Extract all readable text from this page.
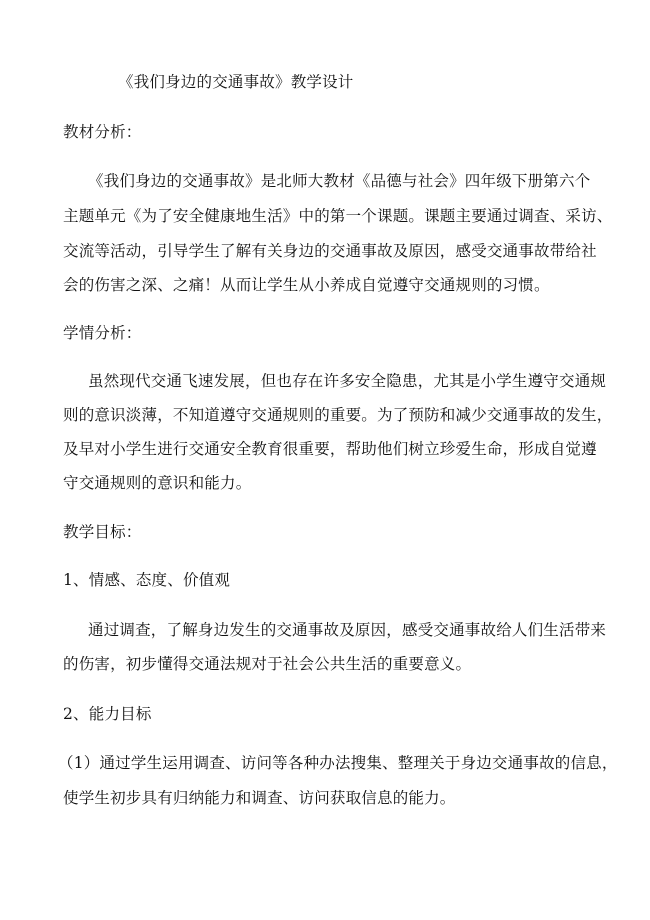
《我们身边的交通事故》教学设计
教材分析：
《我们身边的交通事故》是北师大教材《品德与社会》四年级下册第六个
主题单元《为了安全健康地生活》中的第一个课题。课题主要通过调查、采访、
交流等活动，引导学生了解有关身边的交通事故及原因，感受交通事故带给社
会的伤害之深、之痛！从而让学生从小养成自觉遵守交通规则的习惯。
学情分析：
虽然现代交通飞速发展，但也存在许多安全隐患，尤其是小学生遵守交通规
则的意识淡薄，不知道遵守交通规则的重要。为了预防和减少交通事故的发生，
及早对小学生进行交通安全教育很重要，帮助他们树立珍爱生命，形成自觉遵
守交通规则的意识和能力。
教学目标：
1、情感、态度、价值观
通过调查，了解身边发生的交通事故及原因，感受交通事故给人们生活带来
的伤害，初步懂得交通法规对于社会公共生活的重要意义。
2、能力目标
（1）通过学生运用调查、访问等各种办法搜集、整理关于身边交通事故的信息，
使学生初步具有归纳能力和调查、访问获取信息的能力。
